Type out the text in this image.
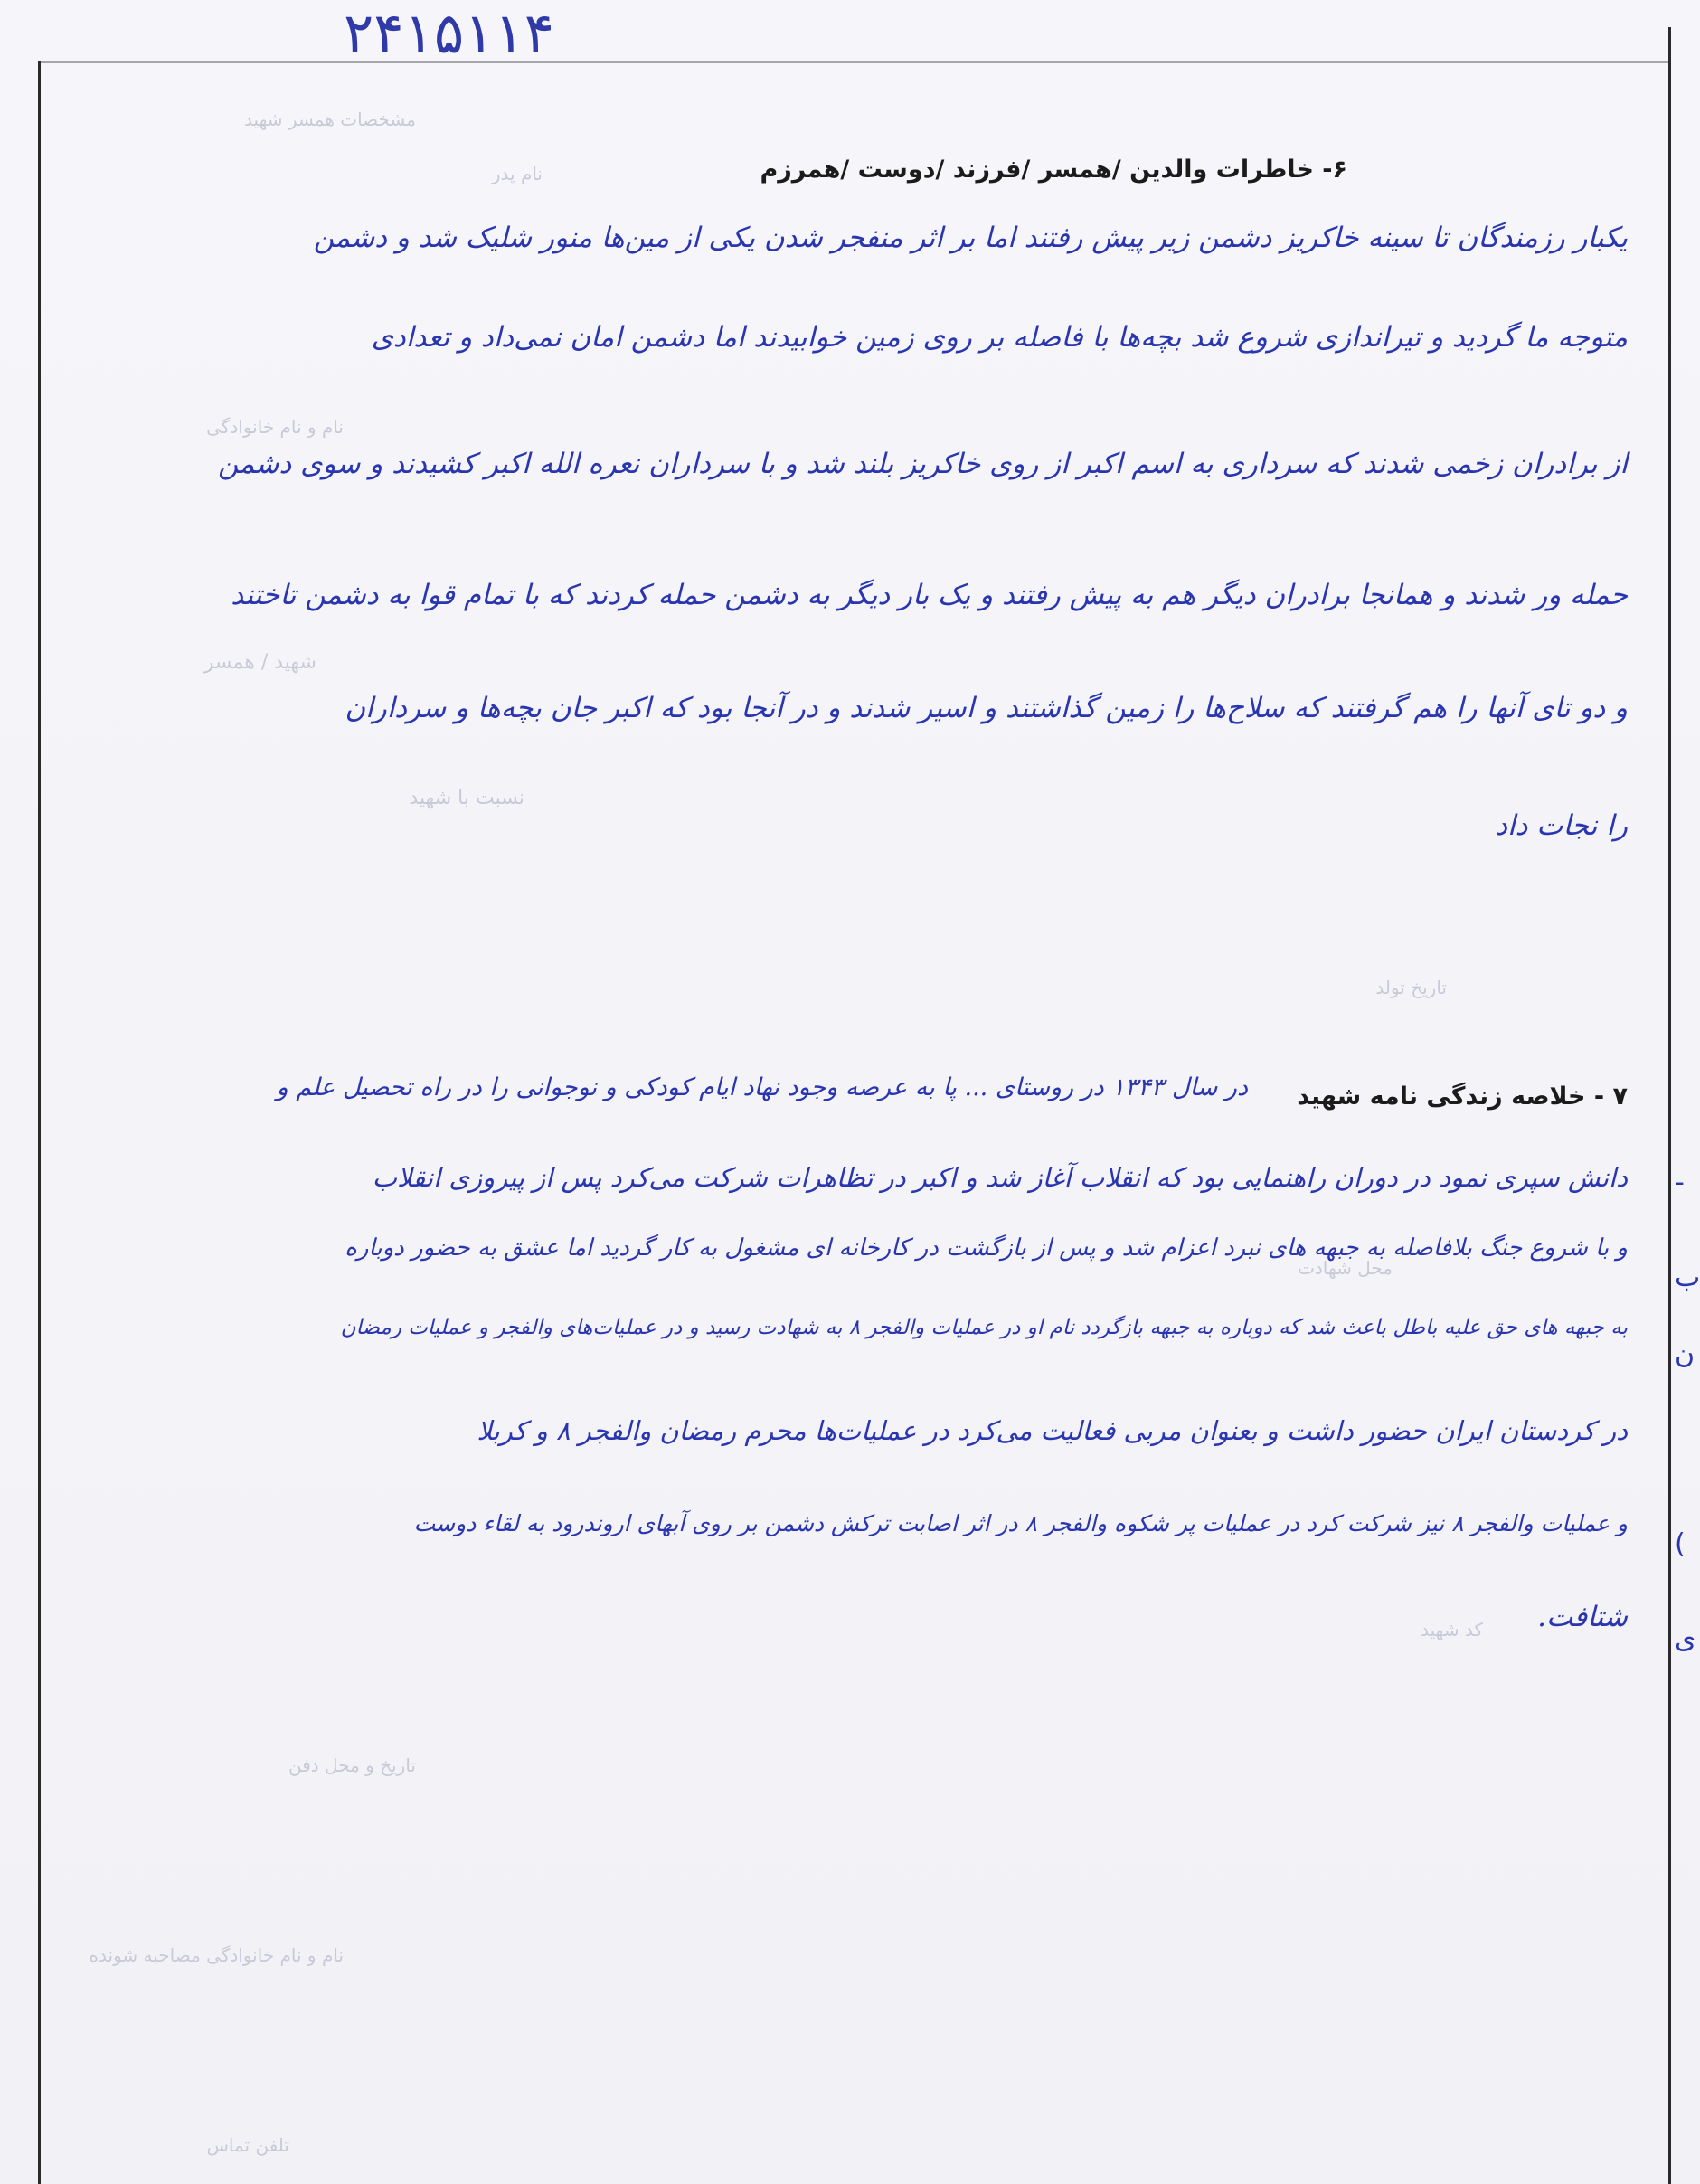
۲۴۱۵۱۱۴
مشخصات همسر شهید
نام پدر
نام و نام خانوادگی
شهید / همسر
نسبت با شهید
تاریخ تولد
محل شهادت
کد شهید
تاریخ و محل دفن
نام و نام خانوادگی مصاحبه شونده
تلفن تماس
۶- خاطرات والدین /همسر /فرزند /دوست /همرزم
یکبار رزمندگان تا سینه خاکریز دشمن زیر پیش رفتند اما بر اثر منفجر شدن یکی از مین‌ها منور شلیک شد و دشمن
متوجه ما گردید و تیراندازی شروع شد بچه‌ها با فاصله بر روی زمین خوابیدند اما دشمن امان نمی‌داد و تعدادی
از برادران زخمی شدند که سرداری به اسم اکبر از روی خاکریز بلند شد و با سرداران نعره الله اکبر کشیدند و سوی دشمن
حمله ور شدند و همانجا برادران دیگر هم به پیش رفتند و یک بار دیگر به دشمن حمله کردند که با تمام قوا به دشمن تاختند
و دو تای آنها را هم گرفتند که سلاح‌ها را زمین گذاشتند و اسیر شدند و در آنجا بود که اکبر جان بچه‌ها و سرداران
را نجات داد
۷ - خلاصه زندگی نامه شهید
در سال ۱۳۴۳ در روستای ... پا به عرصه وجود نهاد ایام کودکی و نوجوانی را در راه تحصیل علم و
دانش سپری نمود در دوران راهنمایی بود که انقلاب آغاز شد و اکبر در تظاهرات شرکت می‌کرد پس از پیروزی انقلاب
و با شروع جنگ بلافاصله به جبهه های نبرد اعزام شد و پس از بازگشت در کارخانه ای مشغول به کار گردید اما عشق به حضور دوباره
به جبهه های حق علیه باطل باعث شد که دوباره به جبهه بازگردد نام او در عملیات والفجر ۸ به شهادت رسید و در عملیات‌های والفجر و عملیات رمضان
در کردستان ایران حضور داشت و بعنوان مربی فعالیت می‌کرد در عملیات‌ها محرم رمضان والفجر ۸ و کربلا
و عملیات والفجر ۸ نیز شرکت کرد در عملیات پر شکوه والفجر ۸ در اثر اصابت ترکش دشمن بر روی آبهای اروندرود به لقاء دوست
شتافت.
-
ب
ن
(
ی
